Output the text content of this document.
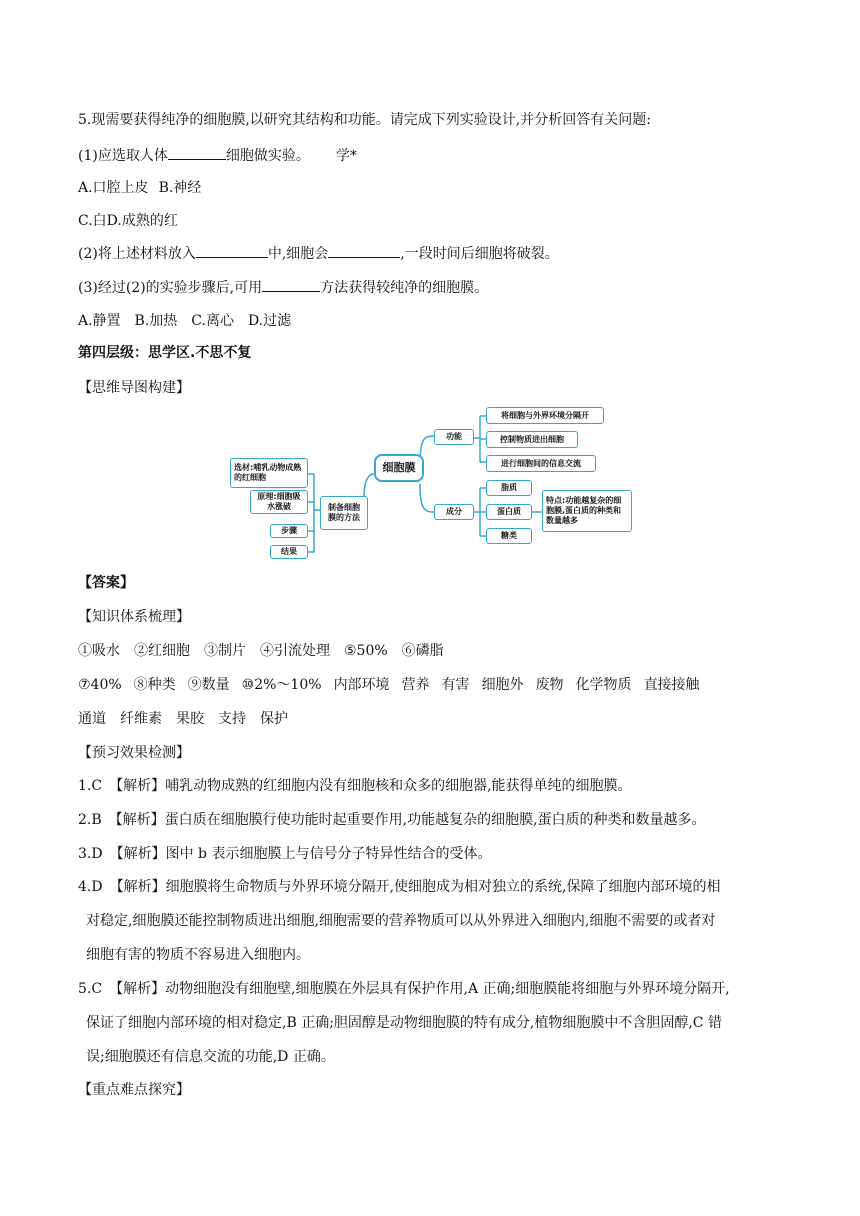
5.现需要获得纯净的细胞膜,以研究其结构和功能。请完成下列实验设计,并分析回答有关问题:
(1)应选取人体	细胞做实验。 学*
A.口腔上皮 B.神经
C.白D.成熟的红
(2)将上述材料放入	中,细胞会	,一段时间后细胞将破裂。
(3)经过(2)的实验步骤后,可用	方法获得较纯净的细胞膜。
A.静置　B.加热　C.离心　D.过滤
第四层级：思学区.不思不复
【思维导图构建】
细胞膜
功能
将细胞与外界环境分隔开
控制物质进出细胞
进行细胞间的信息交流
成分
脂质
蛋白质
糖类
特点:功能越复杂的细胞膜,蛋白质的种类和数量越多
制备细胞膜的方法
选材:哺乳动物成熟的红细胞
原理:细胞吸水涨破
步骤
结果
【答案】
【知识体系梳理】
①吸水 ②红细胞 ③制片 ④引流处理 ⑤50% ⑥磷脂
⑦40% ⑧种类 ⑨数量 ⑩2%～10% 内部环境 营养 有害 细胞外 废物 化学物质 直接接触
通道 纤维素 果胶 支持 保护
【预习效果检测】
1.C　【解析】哺乳动物成熟的红细胞内没有细胞核和众多的细胞器,能获得单纯的细胞膜。
2.B　【解析】蛋白质在细胞膜行使功能时起重要作用,功能越复杂的细胞膜,蛋白质的种类和数量越多。
3.D　【解析】图中 b 表示细胞膜上与信号分子特异性结合的受体。
4.D　【解析】细胞膜将生命物质与外界环境分隔开,使细胞成为相对独立的系统,保障了细胞内部环境的相
对稳定,细胞膜还能控制物质进出细胞,细胞需要的营养物质可以从外界进入细胞内,细胞不需要的或者对
细胞有害的物质不容易进入细胞内。
5.C　【解析】动物细胞没有细胞壁,细胞膜在外层具有保护作用,A 正确;细胞膜能将细胞与外界环境分隔开,
保证了细胞内部环境的相对稳定,B 正确;胆固醇是动物细胞膜的特有成分,植物细胞膜中不含胆固醇,C 错
误;细胞膜还有信息交流的功能,D 正确。
【重点难点探究】
